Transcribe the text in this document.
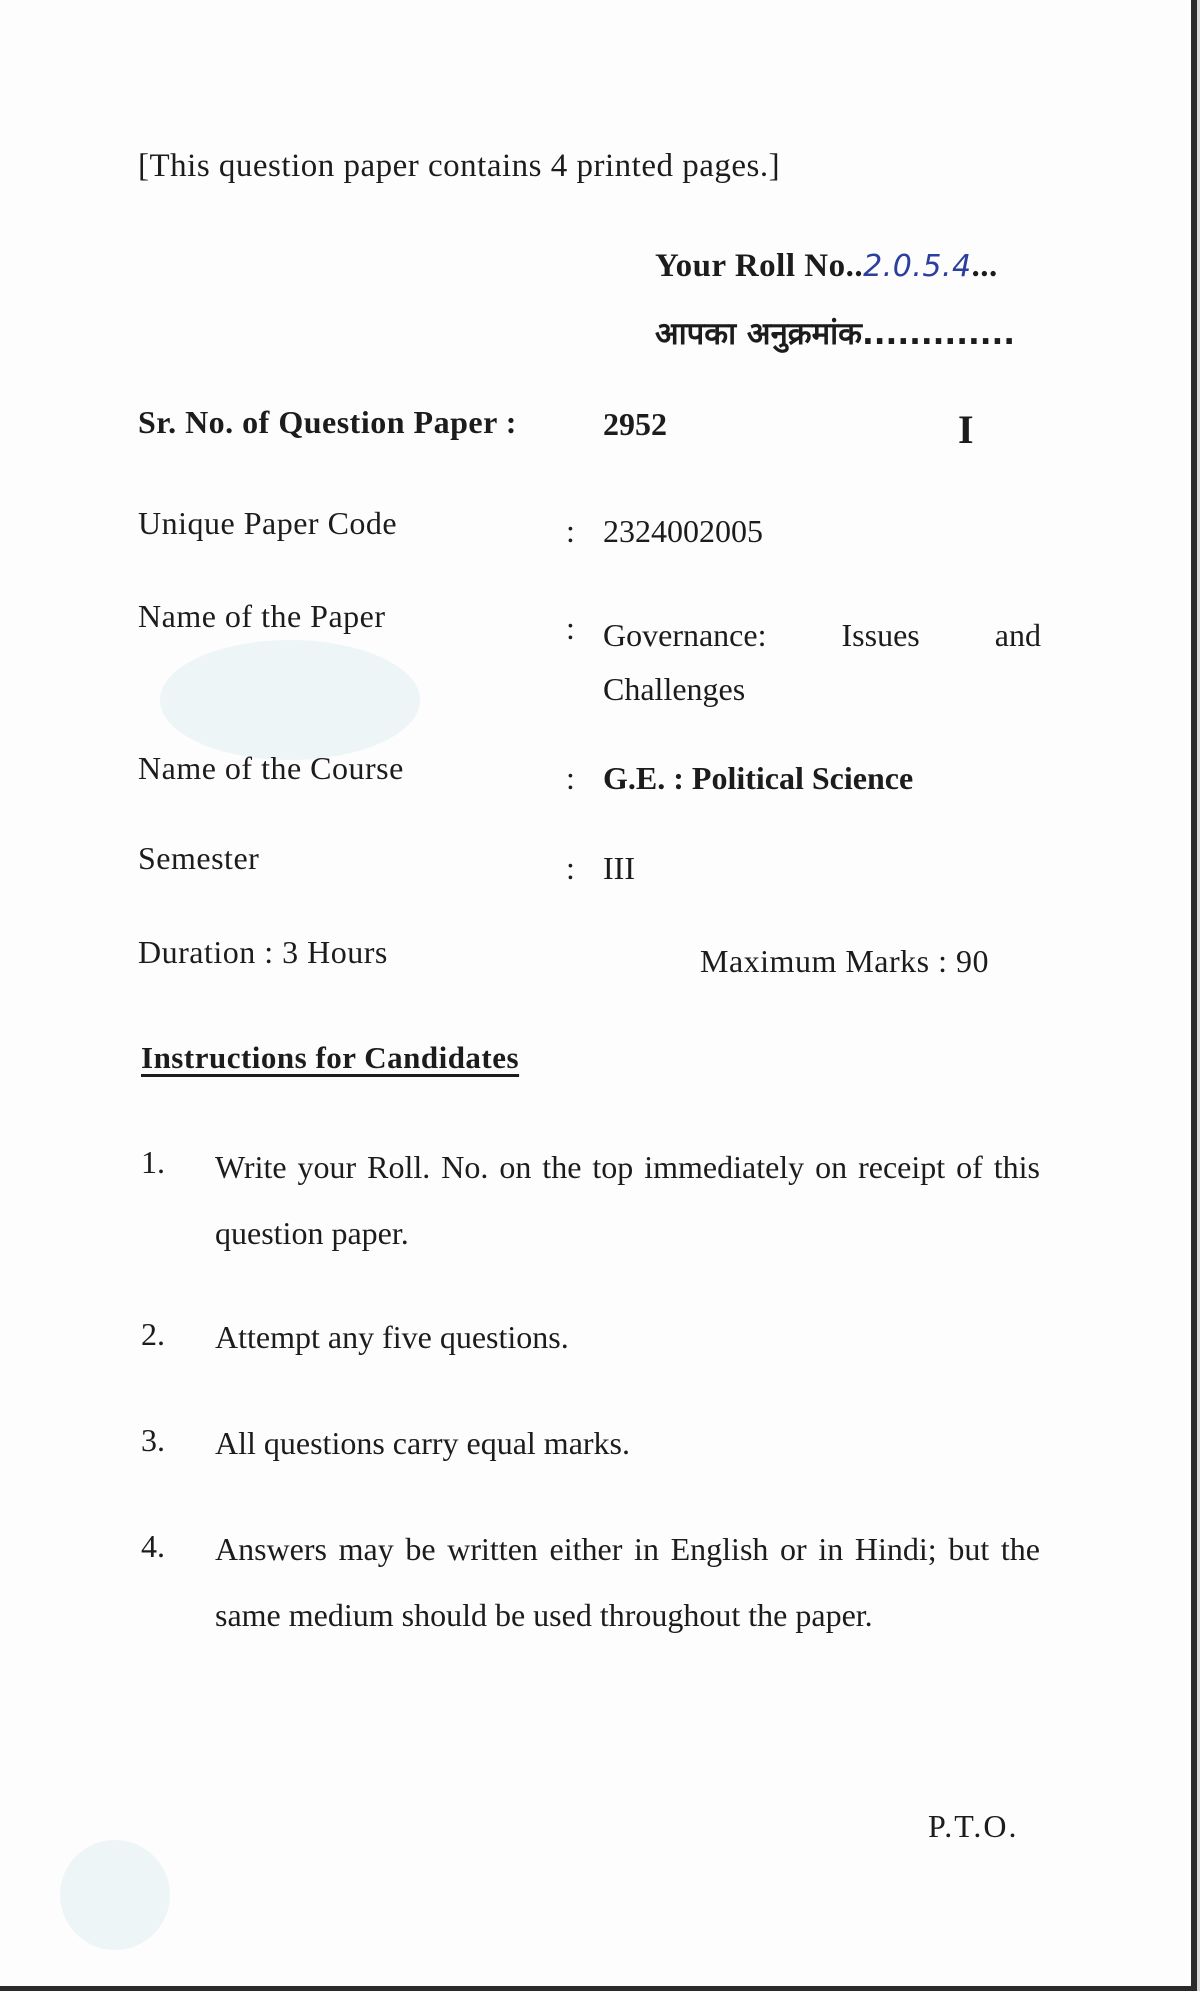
[This question paper contains 4 printed pages.]
Your Roll No..2.0.5.4...
आपका अनुक्रमांक.............
Sr. No. of Question Paper :	2952	I
Unique Paper Code	: 2324002005
Name of the Paper	: Governance: Issues and Challenges
Name of the Course	: G.E. : Political Science
Semester	: III
Duration : 3 Hours	Maximum Marks : 90
Instructions for Candidates
1. Write your Roll. No. on the top immediately on receipt of this question paper.
2. Attempt any five questions.
3. All questions carry equal marks.
4. Answers may be written either in English or in Hindi; but the same medium should be used throughout the paper.
P.T.O.
